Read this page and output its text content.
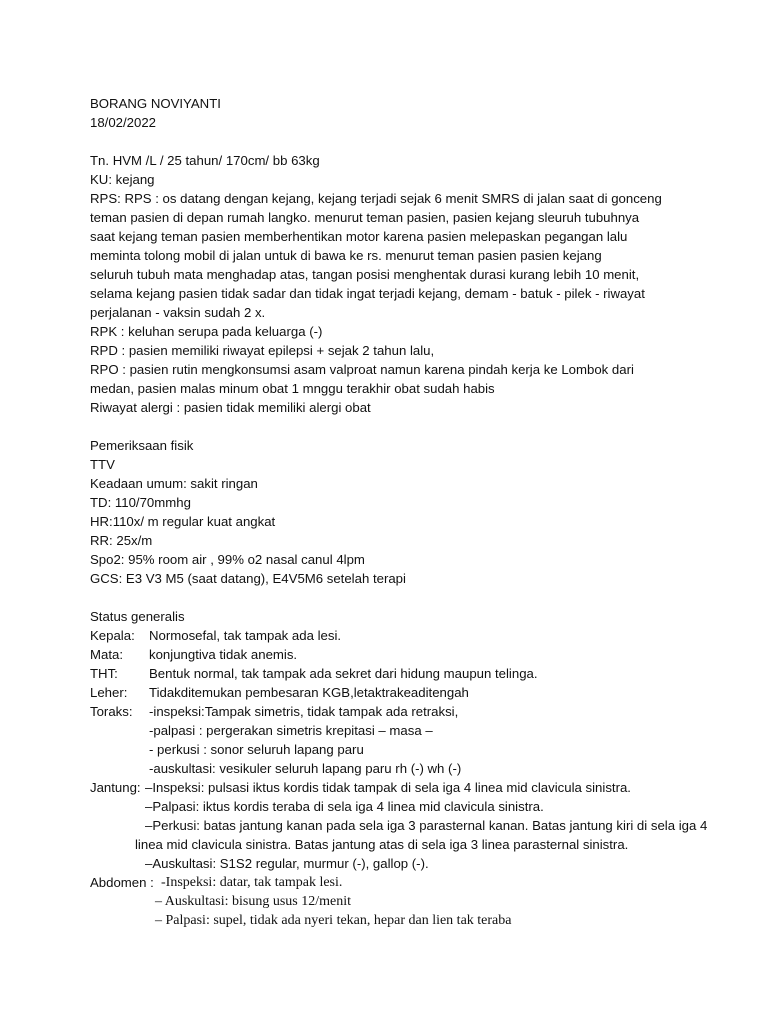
BORANG NOVIYANTI
18/02/2022
Tn. HVM /L / 25 tahun/ 170cm/ bb 63kg
KU: kejang
RPS: RPS : os datang dengan kejang, kejang terjadi sejak 6 menit SMRS di jalan saat di gonceng
teman pasien di depan rumah langko. menurut teman pasien, pasien kejang sleuruh tubuhnya
saat kejang teman pasien memberhentikan motor karena pasien melepaskan pegangan lalu
meminta tolong mobil di jalan untuk di bawa ke rs. menurut teman pasien pasien kejang
seluruh tubuh mata menghadap atas, tangan posisi menghentak durasi kurang lebih 10 menit,
selama kejang pasien tidak sadar dan tidak ingat terjadi kejang, demam - batuk - pilek - riwayat
perjalanan - vaksin sudah 2 x.
RPK : keluhan serupa pada keluarga (-)
RPD : pasien memiliki riwayat epilepsi + sejak 2 tahun lalu,
RPO : pasien rutin mengkonsumsi asam valproat namun karena pindah kerja ke Lombok dari
medan, pasien malas minum obat 1 mnggu terakhir obat sudah habis
Riwayat alergi : pasien tidak memiliki alergi obat
Pemeriksaan fisik
TTV
Keadaan umum: sakit ringan
TD: 110/70mmhg
HR:110x/ m regular kuat angkat
RR: 25x/m
Spo2: 95% room air , 99% o2 nasal canul 4lpm
GCS: E3 V3 M5 (saat datang), E4V5M6 setelah terapi
Status generalis
Kepala: Normosefal, tak tampak ada lesi.
Mata: konjungtiva tidak anemis.
THT: Bentuk normal, tak tampak ada sekret dari hidung maupun telinga.
Leher: Tidakditemukan pembesaran KGB,letaktrakeaditengah
Toraks: -inspeksi:Tampak simetris, tidak tampak ada retraksi,
-palpasi : pergerakan simetris krepitasi – masa –
- perkusi : sonor seluruh lapang paru
-auskultasi: vesikuler seluruh lapang paru rh (-) wh (-)
Jantung: –Inspeksi: pulsasi iktus kordis tidak tampak di sela iga 4 linea mid clavicula sinistra.
–Palpasi: iktus kordis teraba di sela iga 4 linea mid clavicula sinistra.
–Perkusi: batas jantung kanan pada sela iga 3 parasternal kanan. Batas jantung kiri di sela iga 4
linea mid clavicula sinistra. Batas jantung atas di sela iga 3 linea parasternal sinistra.
–Auskultasi: S1S2 regular, murmur (-), gallop (-).
Abdomen : -Inspeksi: datar, tak tampak lesi.
– Auskultasi: bisung usus 12/menit
– Palpasi: supel, tidak ada nyeri tekan, hepar dan lien tak teraba
